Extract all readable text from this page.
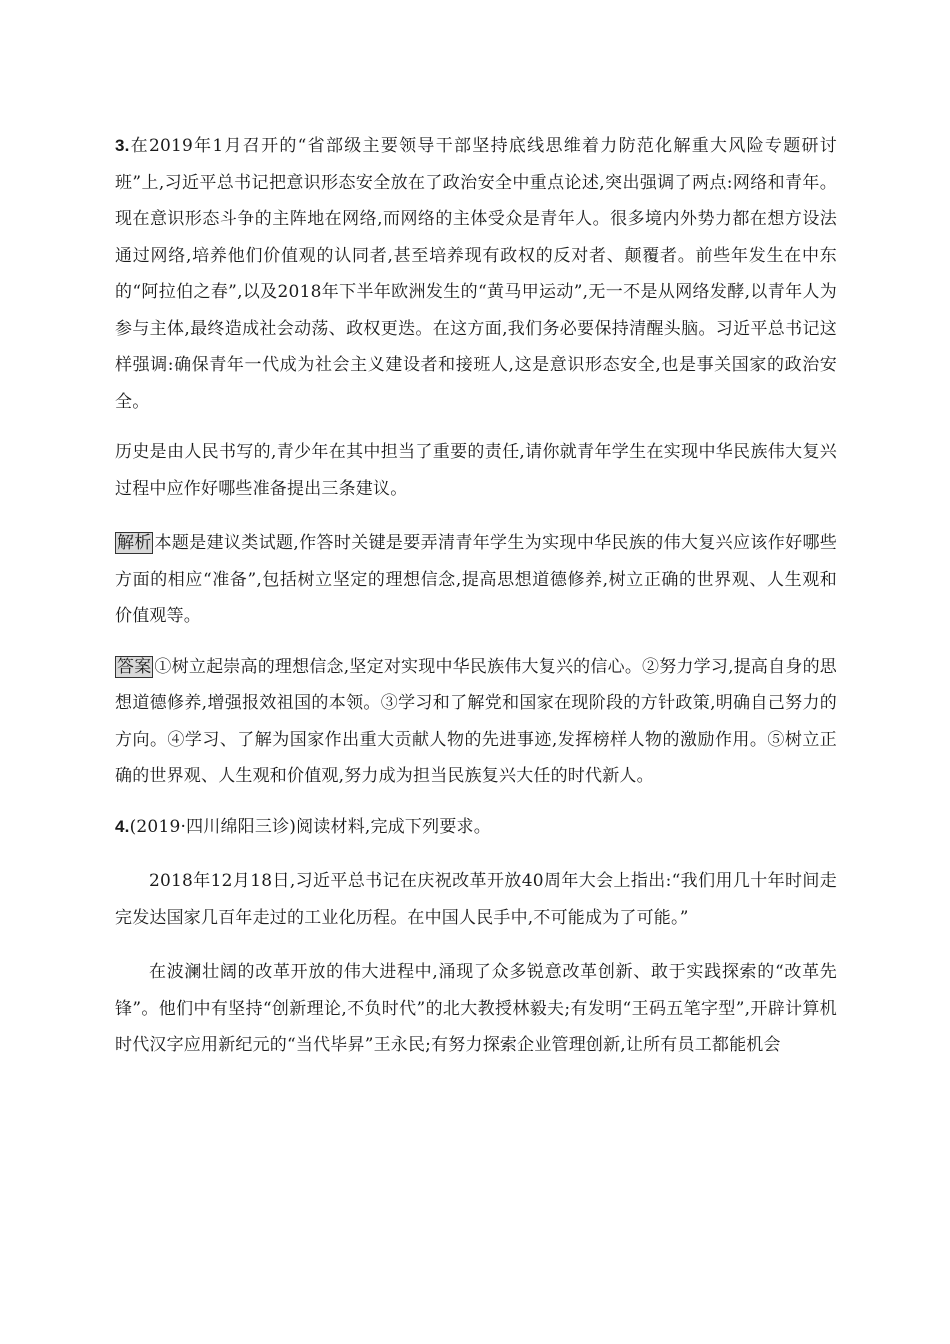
3.在2019年1月召开的“省部级主要领导干部坚持底线思维着力防范化解重大风险专题研讨班”上,习近平总书记把意识形态安全放在了政治安全中重点论述,突出强调了两点:网络和青年。现在意识形态斗争的主阵地在网络,而网络的主体受众是青年人。很多境内外势力都在想方设法通过网络,培养他们价值观的认同者,甚至培养现有政权的反对者、颠覆者。前些年发生在中东的“阿拉伯之春”,以及2018年下半年欧洲发生的“黄马甲运动”,无一不是从网络发酵,以青年人为参与主体,最终造成社会动荡、政权更迭。在这方面,我们务必要保持清醒头脑。习近平总书记这样强调:确保青年一代成为社会主义建设者和接班人,这是意识形态安全,也是事关国家的政治安全。

历史是由人民书写的,青少年在其中担当了重要的责任,请你就青年学生在实现中华民族伟大复兴过程中应作好哪些准备提出三条建议。

解析 本题是建议类试题,作答时关键是要弄清青年学生为实现中华民族的伟大复兴应该作好哪些方面的相应“准备”,包括树立坚定的理想信念,提高思想道德修养,树立正确的世界观、人生观和价值观等。

答案 ①树立起崇高的理想信念,坚定对实现中华民族伟大复兴的信心。②努力学习,提高自身的思想道德修养,增强报效祖国的本领。③学习和了解党和国家在现阶段的方针政策,明确自己努力的方向。④学习、了解为国家作出重大贡献人物的先进事迹,发挥榜样人物的激励作用。⑤树立正确的世界观、人生观和价值观,努力成为担当民族复兴大任的时代新人。

4.(2019·四川绵阳三诊)阅读材料,完成下列要求。

2018年12月18日,习近平总书记在庆祝改革开放40周年大会上指出:“我们用几十年时间走完发达国家几百年走过的工业化历程。在中国人民手中,不可能成为了可能。”

在波澜壮阔的改革开放的伟大进程中,涌现了众多锐意改革创新、敢于实践探索的“改革先锋”。他们中有坚持“创新理论,不负时代”的北大教授林毅夫;有发明“王码五笔字型”,开辟计算机时代汉字应用新纪元的“当代毕昇”王永民;有努力探索企业管理创新,让所有员工都能机会
